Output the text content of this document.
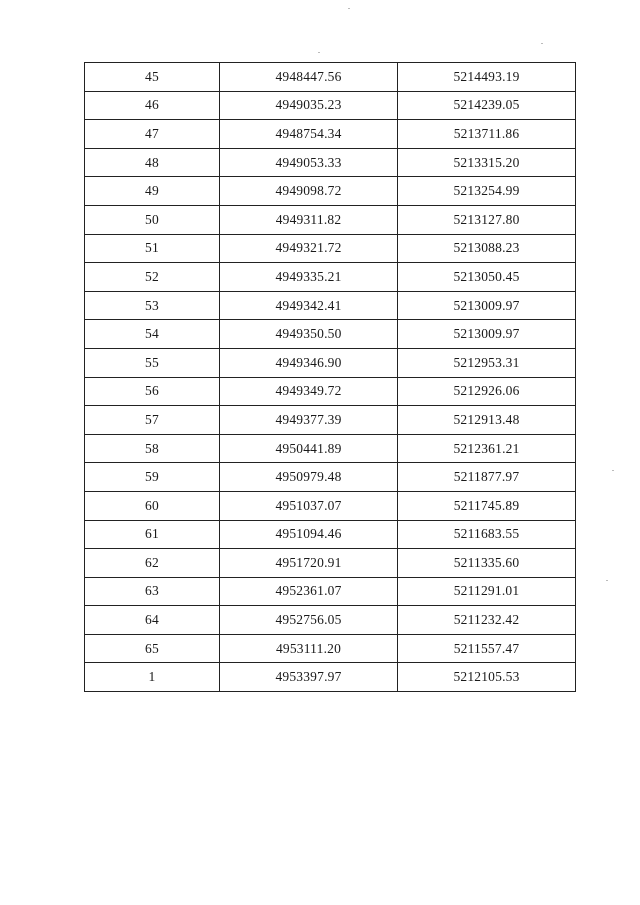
45	4948447.56	5214493.19
46	4949035.23	5214239.05
47	4948754.34	5213711.86
48	4949053.33	5213315.20
49	4949098.72	5213254.99
50	4949311.82	5213127.80
51	4949321.72	5213088.23
52	4949335.21	5213050.45
53	4949342.41	5213009.97
54	4949350.50	5213009.97
55	4949346.90	5212953.31
56	4949349.72	5212926.06
57	4949377.39	5212913.48
58	4950441.89	5212361.21
59	4950979.48	5211877.97
60	4951037.07	5211745.89
61	4951094.46	5211683.55
62	4951720.91	5211335.60
63	4952361.07	5211291.01
64	4952756.05	5211232.42
65	4953111.20	5211557.47
1	4953397.97	5212105.53
